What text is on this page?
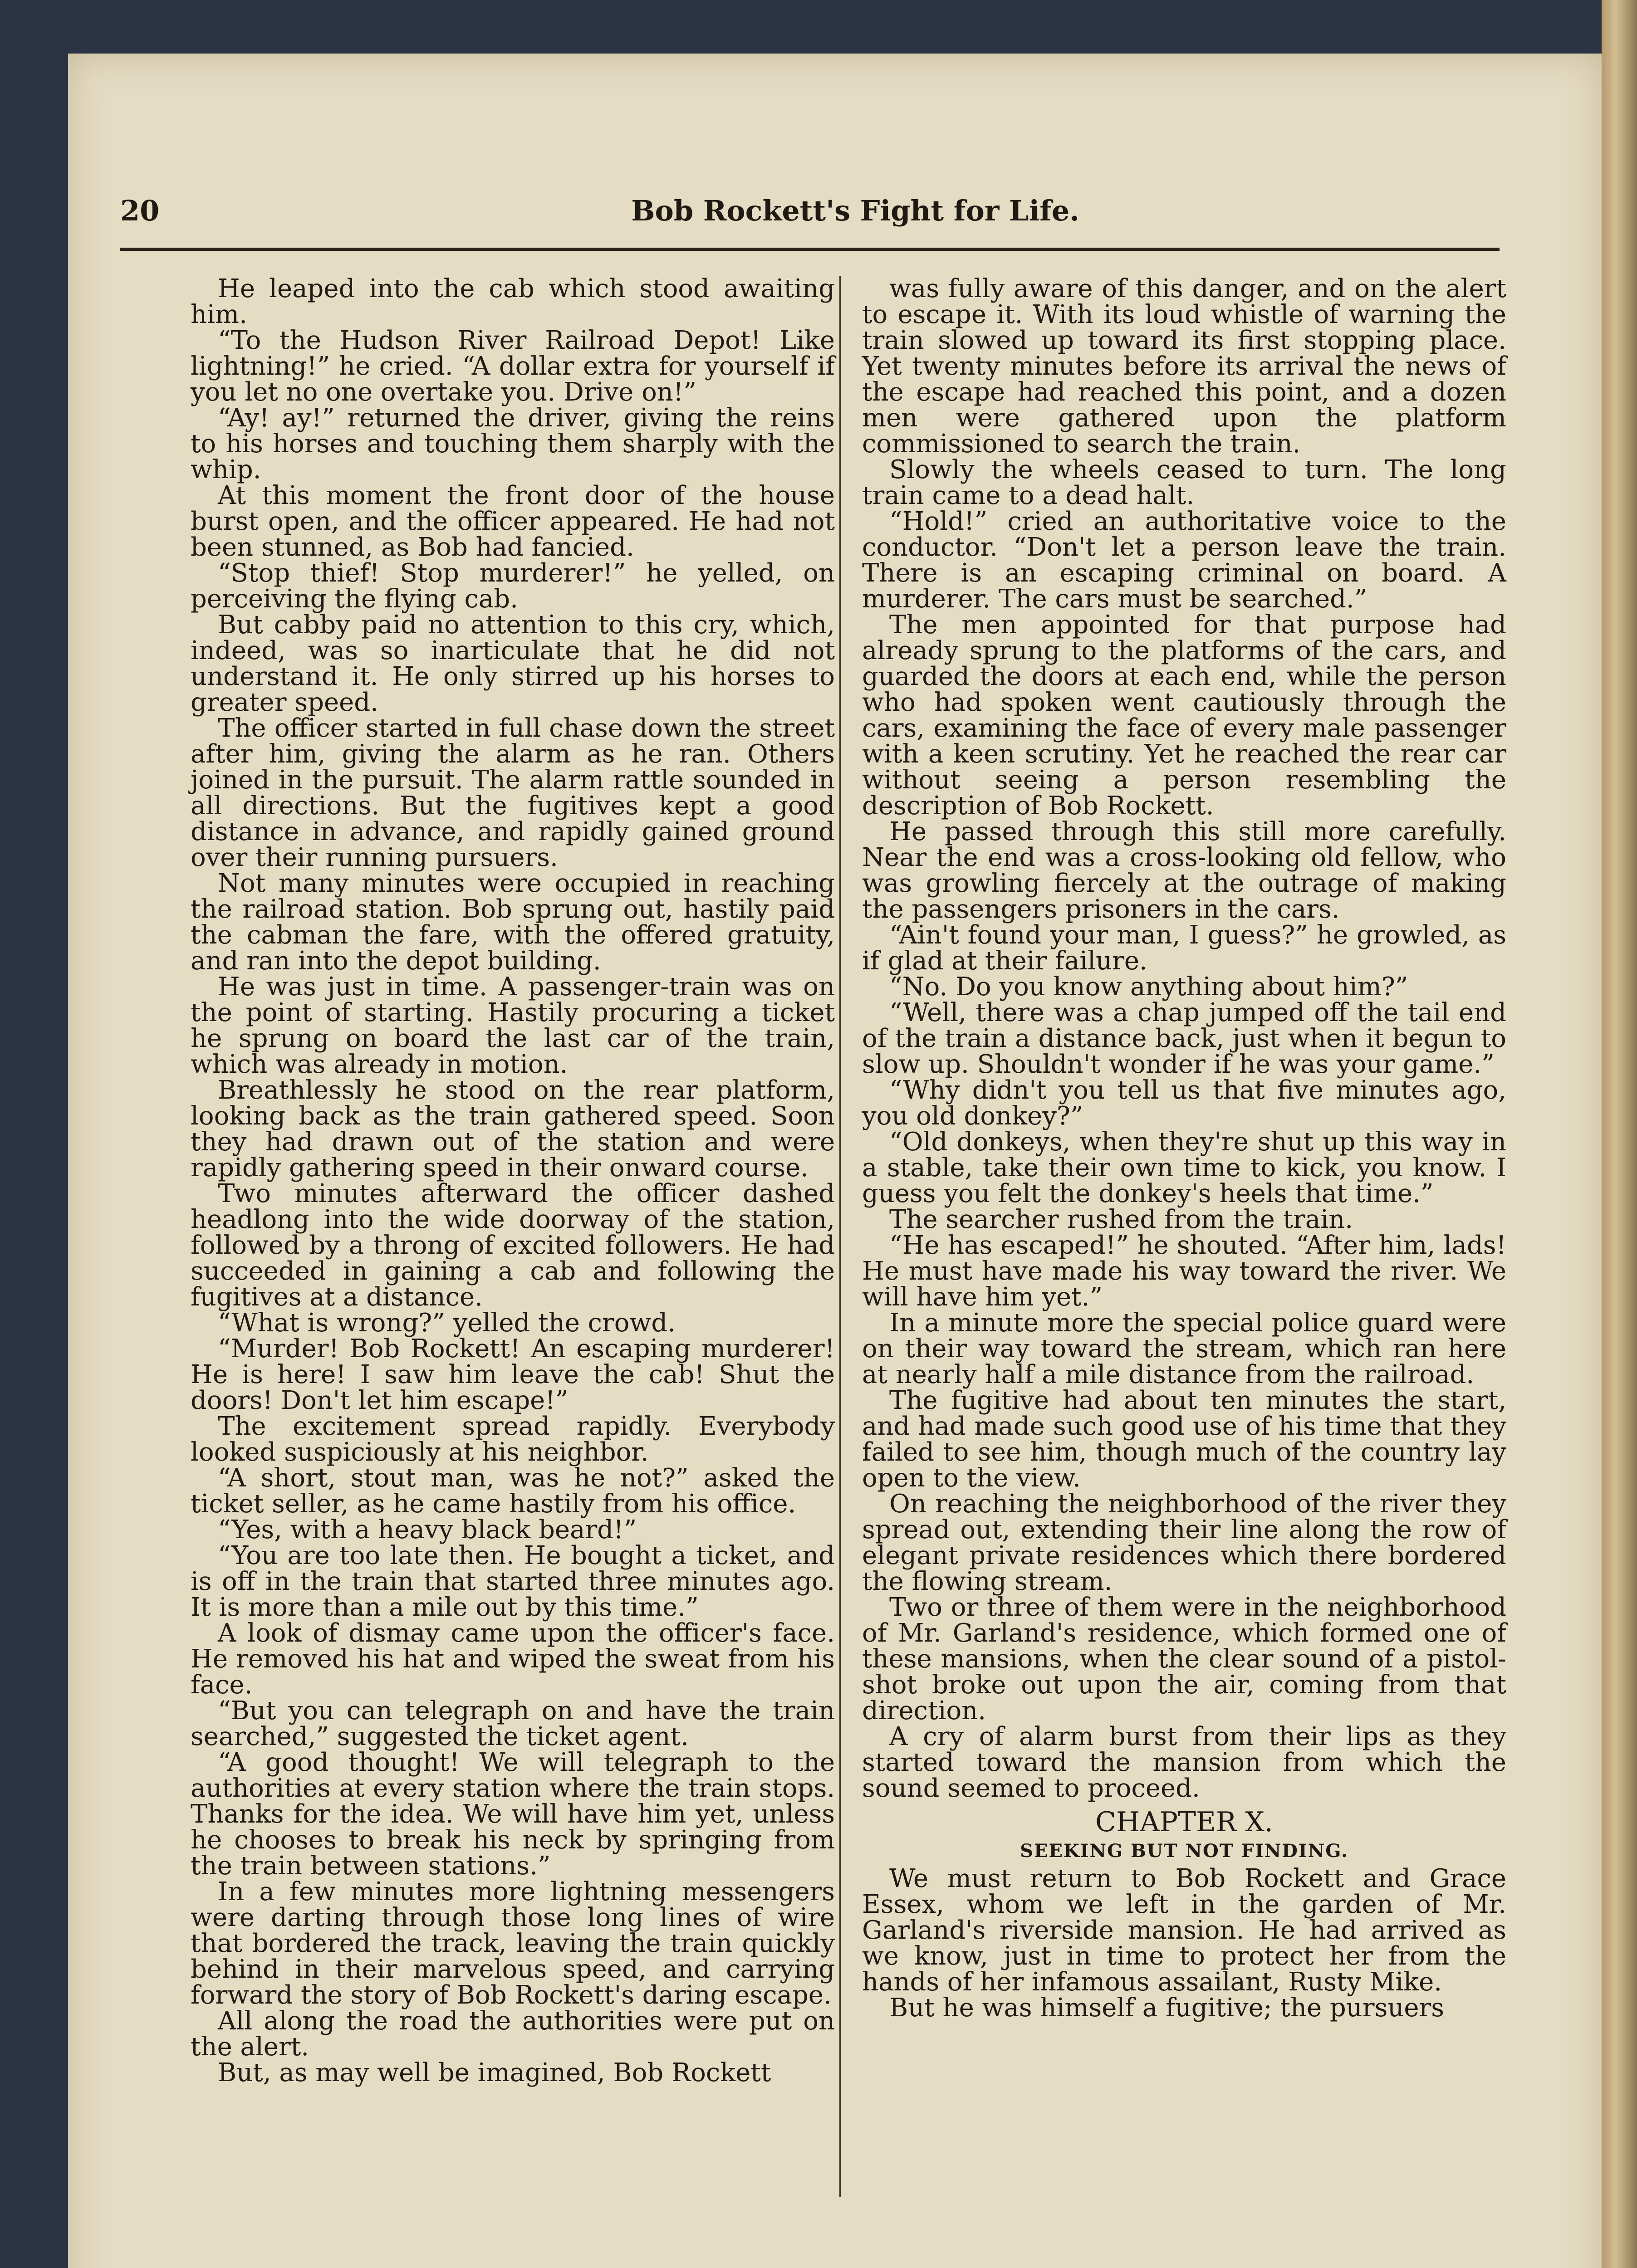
20	Bob Rockett's Fight for Life.

He leaped into the cab which stood awaiting him.

“To the Hudson River Railroad Depot! Like lightning!” he cried. “A dollar extra for yourself if you let no one overtake you. Drive on!”

“Ay! ay!” returned the driver, giving the reins to his horses and touching them sharply with the whip.

At this moment the front door of the house burst open, and the officer appeared. He had not been stunned, as Bob had fancied.

“Stop thief! Stop murderer!” he yelled, on perceiving the flying cab.

But cabby paid no attention to this cry, which, indeed, was so inarticulate that he did not understand it. He only stirred up his horses to greater speed.

The officer started in full chase down the street after him, giving the alarm as he ran. Others joined in the pursuit. The alarm rattle sounded in all directions. But the fugitives kept a good distance in advance, and rapidly gained ground over their running pursuers.

Not many minutes were occupied in reaching the railroad station. Bob sprung out, hastily paid the cabman the fare, with the offered gratuity, and ran into the depot building.

He was just in time. A passenger-train was on the point of starting. Hastily procuring a ticket he sprung on board the last car of the train, which was already in motion.

Breathlessly he stood on the rear platform, looking back as the train gathered speed. Soon they had drawn out of the station and were rapidly gathering speed in their onward course.

Two minutes afterward the officer dashed headlong into the wide doorway of the station, followed by a throng of excited followers. He had succeeded in gaining a cab and following the fugitives at a distance.

“What is wrong?” yelled the crowd.

“Murder! Bob Rockett! An escaping murderer! He is here! I saw him leave the cab! Shut the doors! Don't let him escape!”

The excitement spread rapidly. Everybody looked suspiciously at his neighbor.

“A short, stout man, was he not?” asked the ticket seller, as he came hastily from his office.

“Yes, with a heavy black beard!”

“You are too late then. He bought a ticket, and is off in the train that started three minutes ago. It is more than a mile out by this time.”

A look of dismay came upon the officer's face. He removed his hat and wiped the sweat from his face.

“But you can telegraph on and have the train searched,” suggested the ticket agent.

“A good thought! We will telegraph to the authorities at every station where the train stops. Thanks for the idea. We will have him yet, unless he chooses to break his neck by springing from the train between stations.”

In a few minutes more lightning messengers were darting through those long lines of wire that bordered the track, leaving the train quickly behind in their marvelous speed, and carrying forward the story of Bob Rockett's daring escape.

All along the road the authorities were put on the alert.

But, as may well be imagined, Bob Rockett

was fully aware of this danger, and on the alert to escape it. With its loud whistle of warning the train slowed up toward its first stopping place. Yet twenty minutes before its arrival the news of the escape had reached this point, and a dozen men were gathered upon the platform commissioned to search the train.

Slowly the wheels ceased to turn. The long train came to a dead halt.

“Hold!” cried an authoritative voice to the conductor. “Don't let a person leave the train. There is an escaping criminal on board. A murderer. The cars must be searched.”

The men appointed for that purpose had already sprung to the platforms of the cars, and guarded the doors at each end, while the person who had spoken went cautiously through the cars, examining the face of every male passenger with a keen scrutiny. Yet he reached the rear car without seeing a person resembling the description of Bob Rockett.

He passed through this still more carefully. Near the end was a cross-looking old fellow, who was growling fiercely at the outrage of making the passengers prisoners in the cars.

“Ain't found your man, I guess?” he growled, as if glad at their failure.

“No. Do you know anything about him?”

“Well, there was a chap jumped off the tail end of the train a distance back, just when it begun to slow up. Shouldn't wonder if he was your game.”

“Why didn't you tell us that five minutes ago, you old donkey?”

“Old donkeys, when they're shut up this way in a stable, take their own time to kick, you know. I guess you felt the donkey's heels that time.”

The searcher rushed from the train.

“He has escaped!” he shouted. “After him, lads! He must have made his way toward the river. We will have him yet.”

In a minute more the special police guard were on their way toward the stream, which ran here at nearly half a mile distance from the railroad.

The fugitive had about ten minutes the start, and had made such good use of his time that they failed to see him, though much of the country lay open to the view.

On reaching the neighborhood of the river they spread out, extending their line along the row of elegant private residences which there bordered the flowing stream.

Two or three of them were in the neighborhood of Mr. Garland's residence, which formed one of these mansions, when the clear sound of a pistol-shot broke out upon the air, coming from that direction.

A cry of alarm burst from their lips as they started toward the mansion from which the sound seemed to proceed.

CHAPTER X.
SEEKING BUT NOT FINDING.

We must return to Bob Rockett and Grace Essex, whom we left in the garden of Mr. Garland's riverside mansion. He had arrived as we know, just in time to protect her from the hands of her infamous assailant, Rusty Mike.

But he was himself a fugitive; the pursuers
